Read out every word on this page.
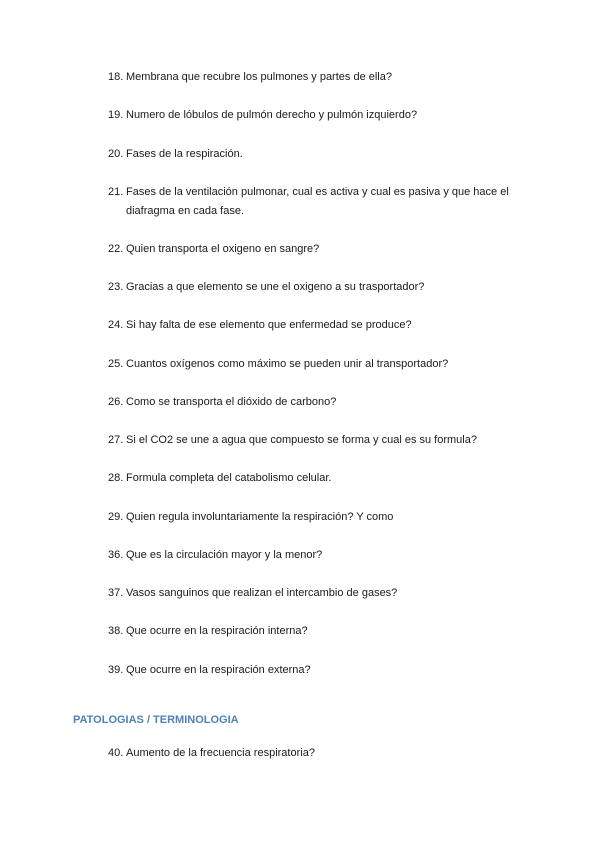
18. Membrana que recubre los pulmones y partes de ella?

19. Numero de lóbulos de pulmón derecho y pulmón izquierdo?

20. Fases de la respiración.

21. Fases de la ventilación pulmonar, cual es activa y cual es pasiva y que hace el diafragma en cada fase.

22. Quien transporta el oxigeno en sangre?

23. Gracias a que elemento se une el oxigeno a su trasportador?

24. Si hay falta de ese elemento que enfermedad se produce?

25. Cuantos oxígenos como máximo se pueden unir al transportador?

26. Como se transporta el dióxido de carbono?

27. Si el CO2 se une a agua que compuesto se forma y cual es su formula?

28. Formula completa del catabolismo celular.

29. Quien regula involuntariamente la respiración? Y como

36. Que es la circulación mayor y la menor?

37. Vasos sanguinos que realizan el intercambio de gases?

38. Que ocurre en la respiración interna?

39. Que ocurre en la respiración externa?

PATOLOGIAS / TERMINOLOGIA

40. Aumento de la frecuencia respiratoria?
